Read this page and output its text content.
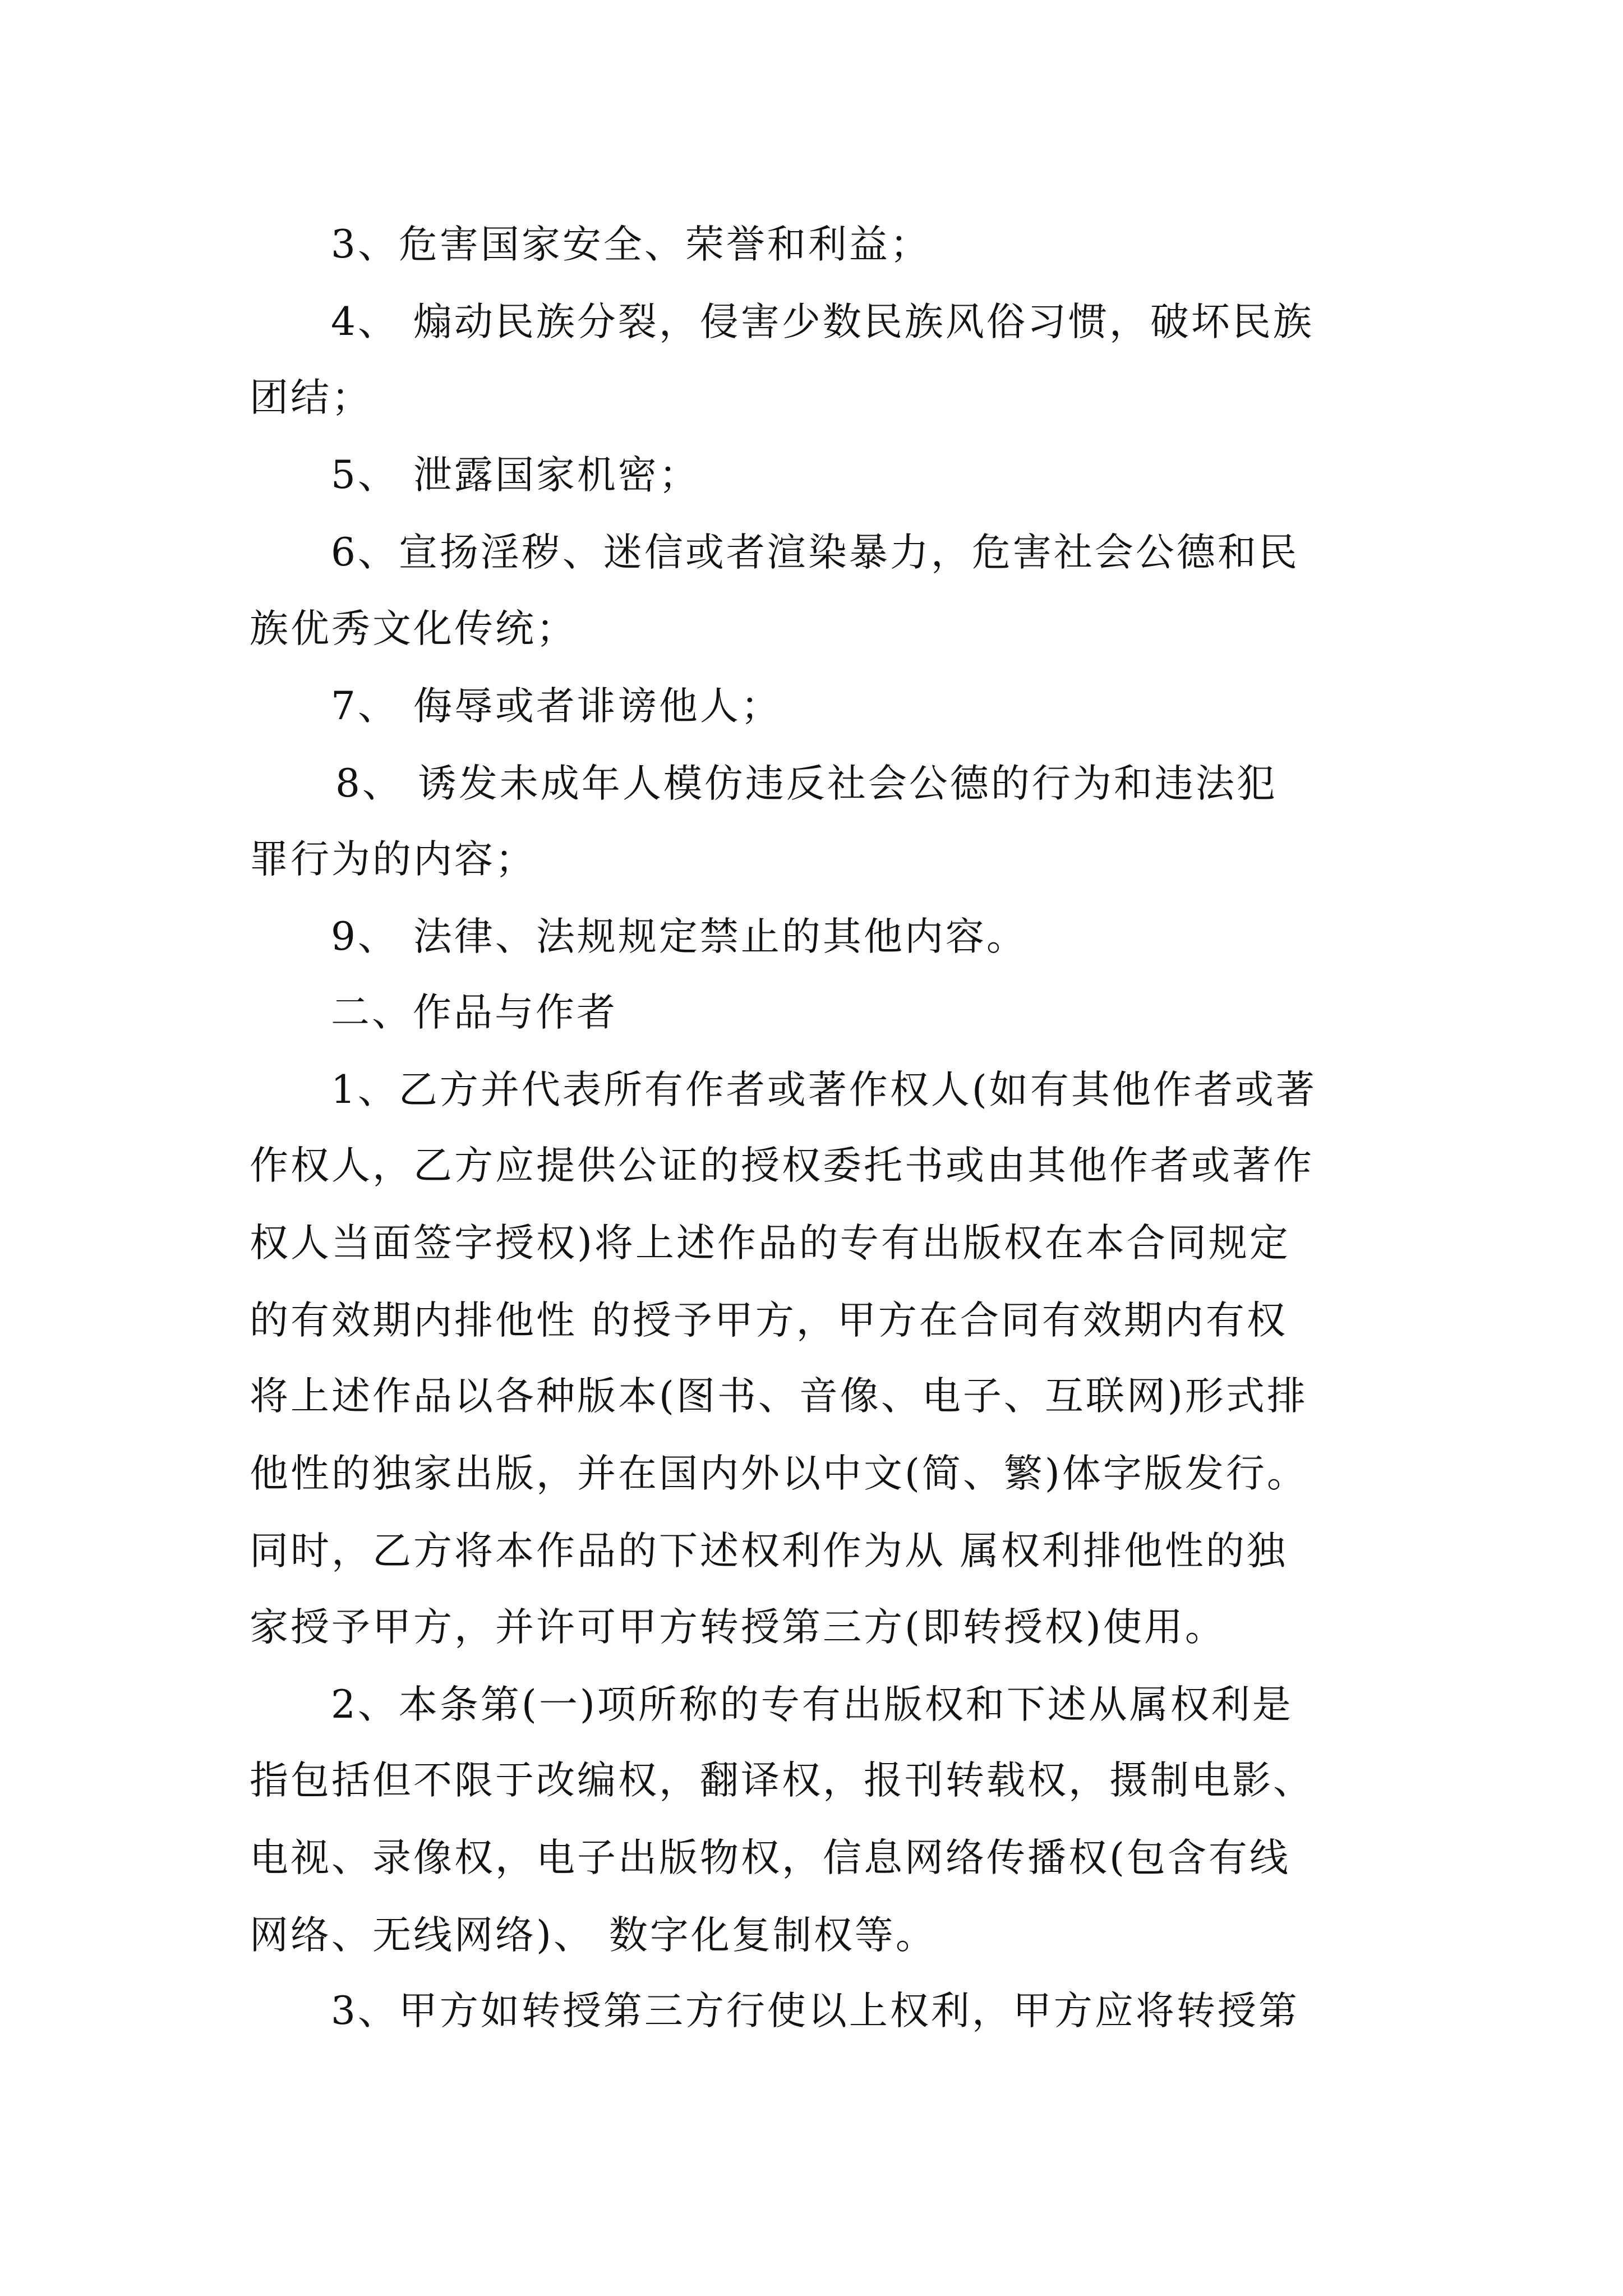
3、危害国家安全、荣誉和利益；
4、 煽动民族分裂，侵害少数民族风俗习惯，破坏民族
团结；
5、 泄露国家机密；
6、宣扬淫秽、迷信或者渲染暴力，危害社会公德和民
族优秀文化传统；
7、 侮辱或者诽谤他人；
8、 诱发未成年人模仿违反社会公德的行为和违法犯
罪行为的内容；
9、 法律、法规规定禁止的其他内容。
二、作品与作者
1、乙方并代表所有作者或著作权人(如有其他作者或著
作权人，乙方应提供公证的授权委托书或由其他作者或著作
权人当面签字授权)将上述作品的专有出版权在本合同规定
的有效期内排他性 的授予甲方，甲方在合同有效期内有权
将上述作品以各种版本(图书、音像、电子、互联网)形式排
他性的独家出版，并在国内外以中文(简、繁)体字版发行。
同时，乙方将本作品的下述权利作为从 属权利排他性的独
家授予甲方，并许可甲方转授第三方(即转授权)使用。
2、本条第(一)项所称的专有出版权和下述从属权利是
指包括但不限于改编权，翻译权，报刊转载权，摄制电影、
电视、录像权，电子出版物权，信息网络传播权(包含有线
网络、无线网络)、 数字化复制权等。
3、甲方如转授第三方行使以上权利，甲方应将转授第
